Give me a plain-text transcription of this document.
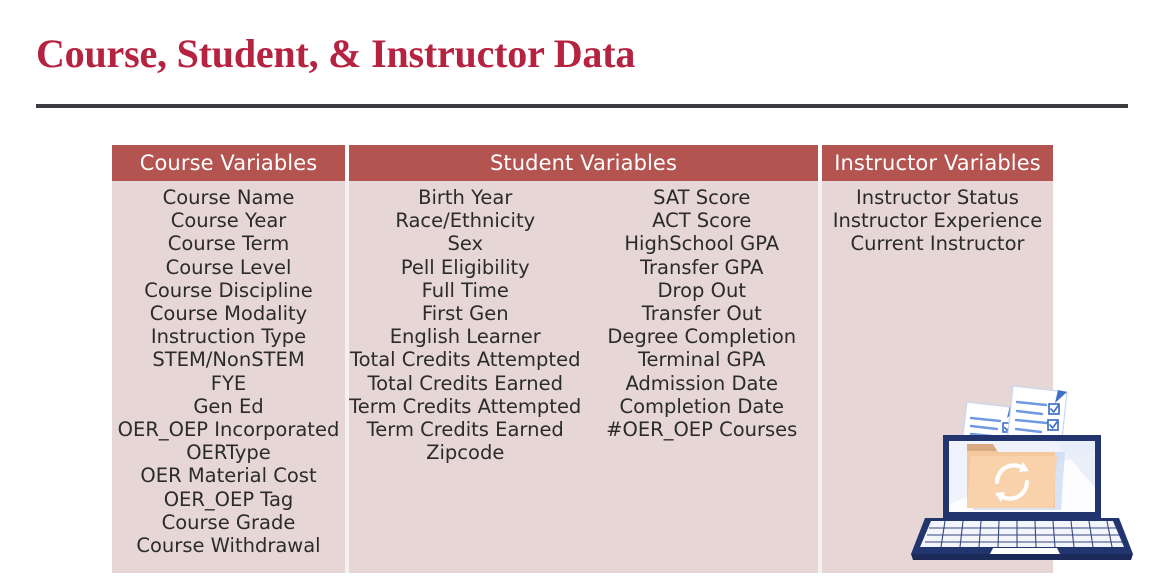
Course, Student, & Instructor Data
Course Variables	Student Variables	Instructor Variables
Course Name
Course Year
Course Term
Course Level
Course Discipline
Course Modality
Instruction Type
STEM/NonSTEM
FYE
Gen Ed
OER_OEP Incorporated
OERType
OER Material Cost
OER_OEP Tag
Course Grade
Course Withdrawal
Birth Year
Race/Ethnicity
Sex
Pell Eligibility
Full Time
First Gen
English Learner
Total Credits Attempted
Total Credits Earned
Term Credits Attempted
Term Credits Earned
Zipcode
SAT Score
ACT Score
HighSchool GPA
Transfer GPA
Drop Out
Transfer Out
Degree Completion
Terminal GPA
Admission Date
Completion Date
#OER_OEP Courses
Instructor Status
Instructor Experience
Current Instructor
